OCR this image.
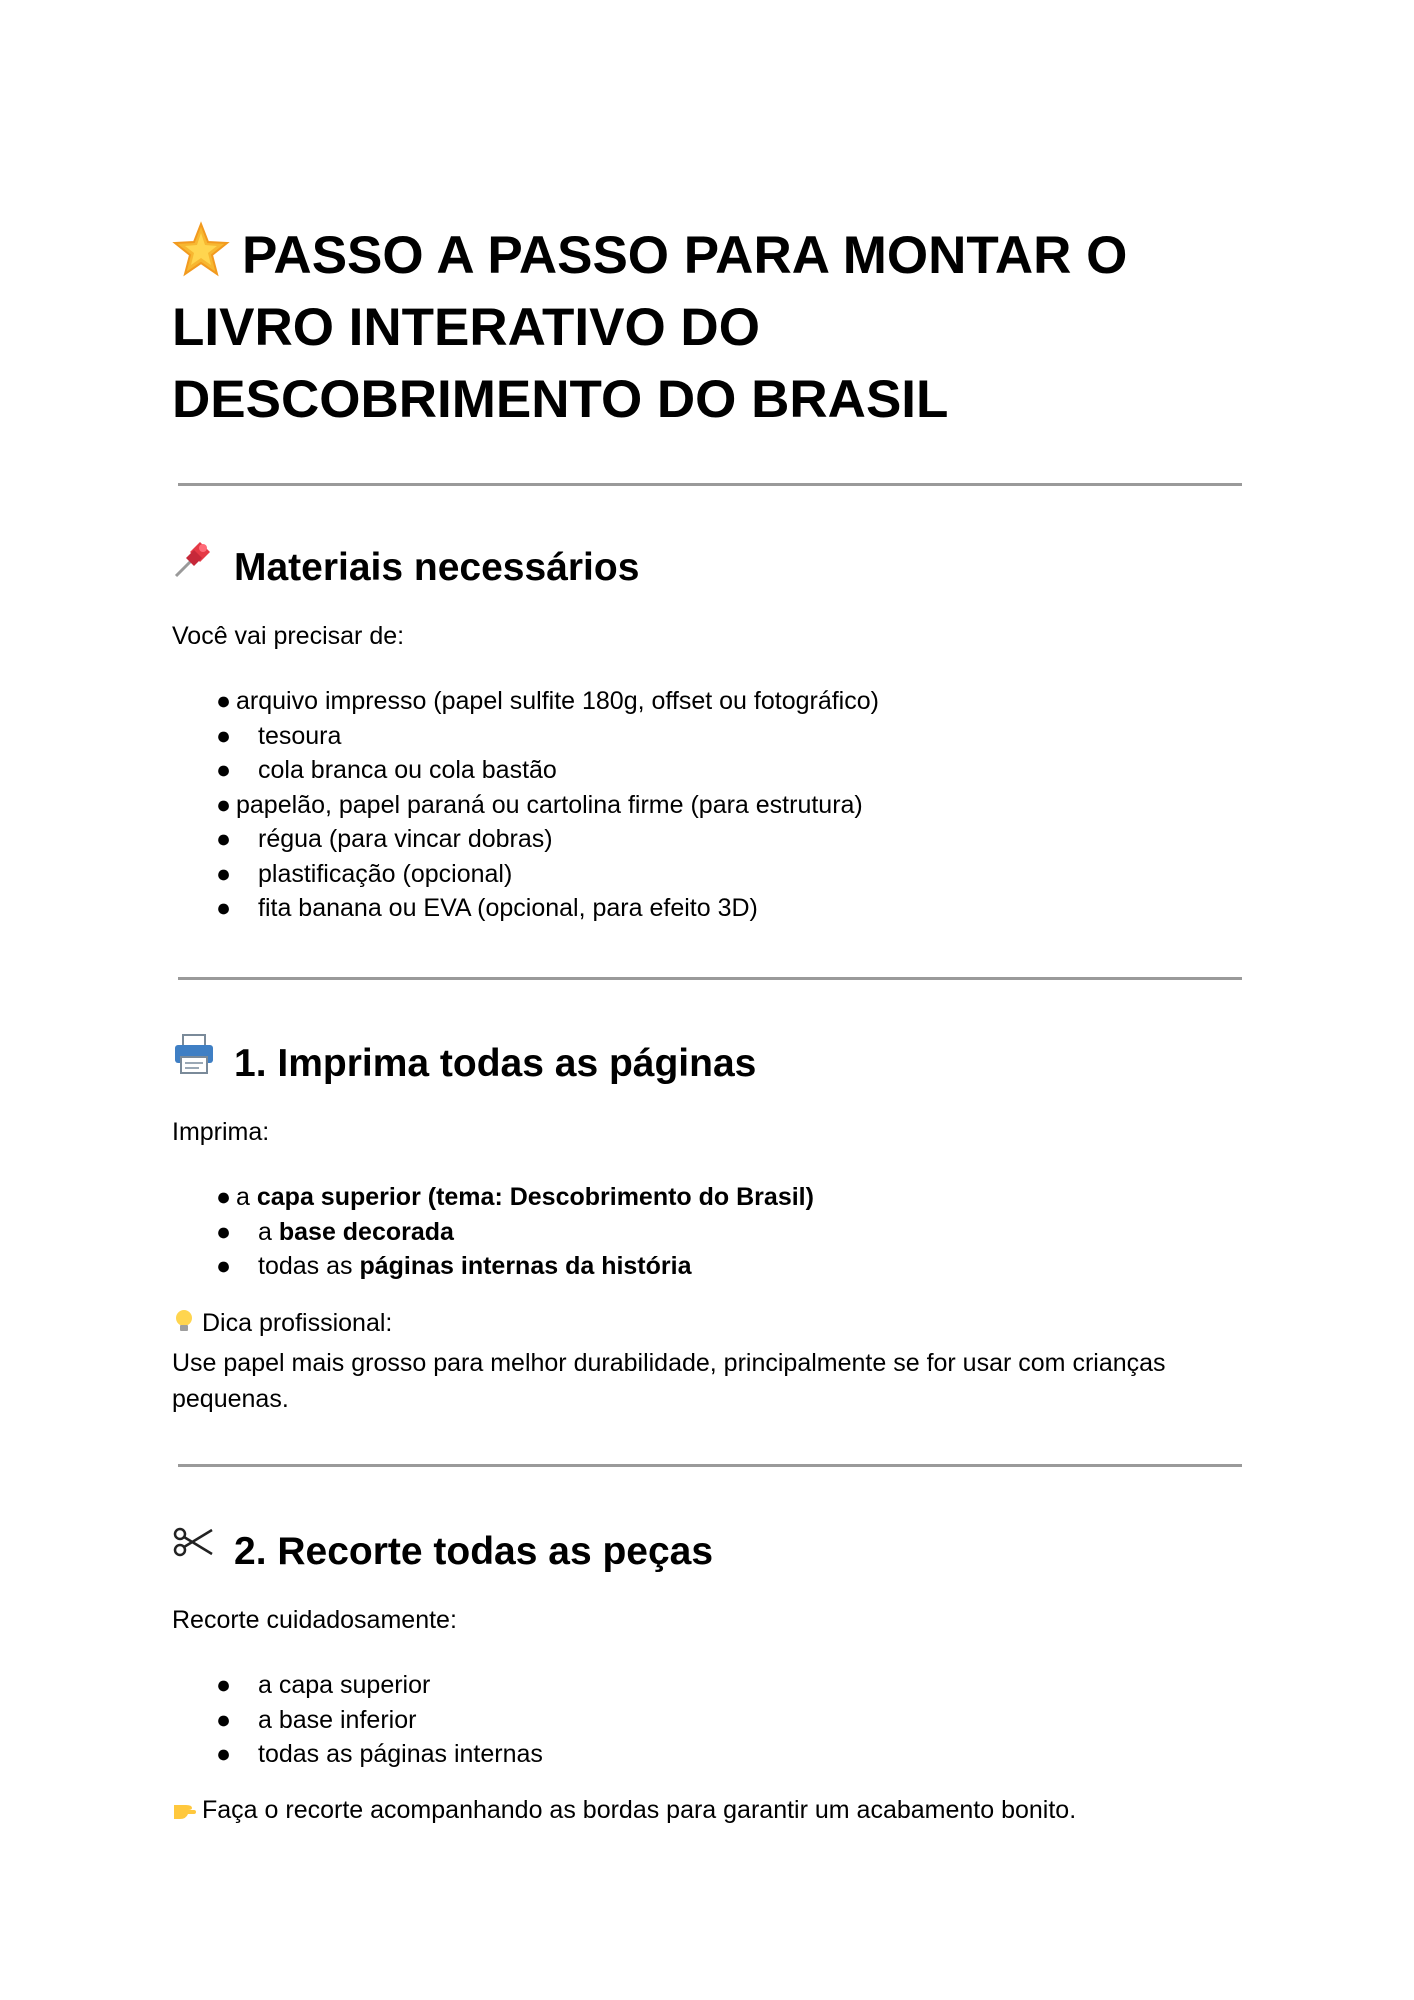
PASSO A PASSO PARA MONTAR O LIVRO INTERATIVO DO DESCOBRIMENTO DO BRASIL
Materiais necessários

Você vai precisar de:

● arquivo impresso (papel sulfite 180g, offset ou fotográfico)
● tesoura
● cola branca ou cola bastão
● papelão, papel paraná ou cartolina firme (para estrutura)
● régua (para vincar dobras)
● plastificação (opcional)
● fita banana ou EVA (opcional, para efeito 3D)
1. Imprima todas as páginas

Imprima:

● a capa superior (tema: Descobrimento do Brasil)
● a base decorada
● todas as páginas internas da história

Dica profissional:

Use papel mais grosso para melhor durabilidade, principalmente se for usar com crianças pequenas.

2. Recorte todas as peças

Recorte cuidadosamente:

● a capa superior
● a base inferior
● todas as páginas internas

Faça o recorte acompanhando as bordas para garantir um acabamento bonito.
